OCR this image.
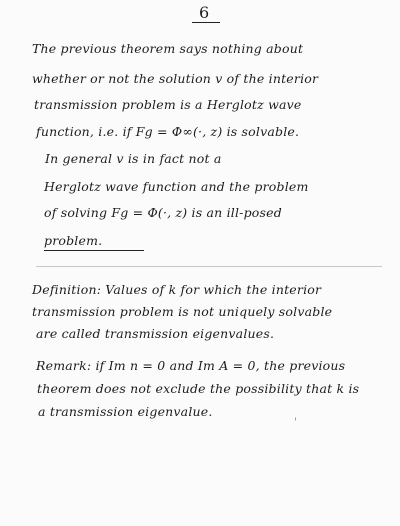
6
The previous theorem says nothing about
whether or not the solution v of the interior
transmission problem is a Herglotz wave
function, i.e. if Fg = Φ∞(·, z) is solvable.
In general v is in fact not a
Herglotz wave function and the problem
of solving Fg = Φ(·, z) is an ill-posed
problem.
Definition: Values of k for which the interior
transmission problem is not uniquely solvable
are called transmission eigenvalues.
Remark: if Im n = 0 and Im A = 0, the previous
theorem does not exclude the possibility that k is
a transmission eigenvalue.
'
